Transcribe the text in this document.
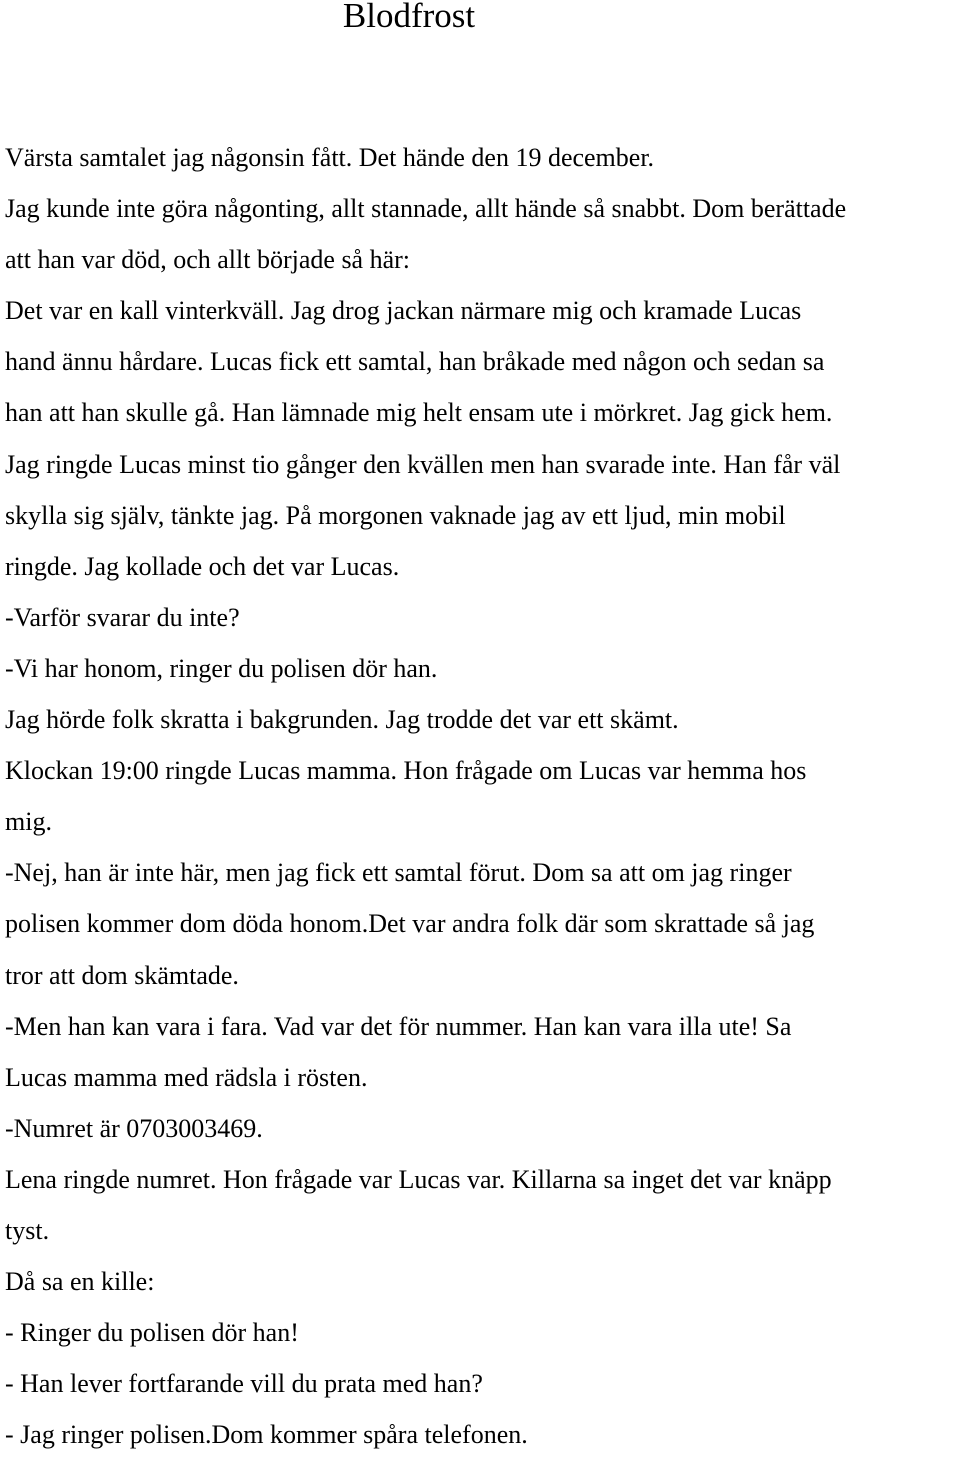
Blodfrost
Värsta samtalet jag någonsin fått. Det hände den 19 december.
Jag kunde inte göra någonting, allt stannade, allt hände så snabbt. Dom berättade
att han var död, och allt började så här:
Det var en kall vinterkväll. Jag drog jackan närmare mig och kramade Lucas
hand ännu hårdare. Lucas fick ett samtal, han bråkade med någon och sedan sa
han att han skulle gå. Han lämnade mig helt ensam ute i mörkret. Jag gick hem.
Jag ringde Lucas minst tio gånger den kvällen men han svarade inte. Han får väl
skylla sig själv, tänkte jag. På morgonen vaknade jag av ett ljud, min mobil
ringde. Jag kollade och det var Lucas.
-Varför svarar du inte?
-Vi har honom, ringer du polisen dör han.
Jag hörde folk skratta i bakgrunden. Jag trodde det var ett skämt.
Klockan 19:00 ringde Lucas mamma. Hon frågade om Lucas var hemma hos
mig.
-Nej, han är inte här, men jag fick ett samtal förut. Dom sa att om jag ringer
polisen kommer dom döda honom.Det var andra folk där som skrattade så jag
tror att dom skämtade.
-Men han kan vara i fara. Vad var det för nummer. Han kan vara illa ute! Sa
Lucas mamma med rädsla i rösten.
-Numret är 0703003469.
Lena ringde numret. Hon frågade var Lucas var. Killarna sa inget det var knäpp
tyst.
Då sa en kille:
- Ringer du polisen dör han!
- Han lever fortfarande vill du prata med han?
- Jag ringer polisen.Dom kommer spåra telefonen.
